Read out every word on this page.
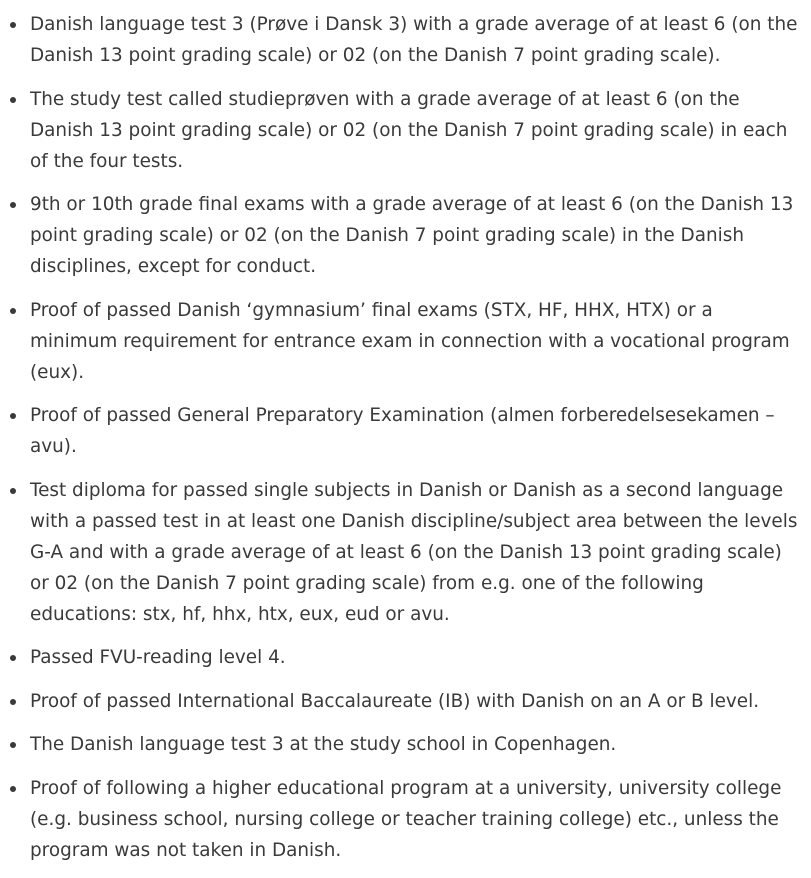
Danish language test 3 (Prøve i Dansk 3) with a grade average of at least 6 (on the Danish 13 point grading scale) or 02 (on the Danish 7 point grading scale).
The study test called studieprøven with a grade average of at least 6 (on the Danish 13 point grading scale) or 02 (on the Danish 7 point grading scale) in each of the four tests.
9th or 10th grade final exams with a grade average of at least 6 (on the Danish 13 point grading scale) or 02 (on the Danish 7 point grading scale) in the Danish disciplines, except for conduct.
Proof of passed Danish ‘gymnasium’ final exams (STX, HF, HHX, HTX) or a minimum requirement for entrance exam in connection with a vocational program (eux).
Proof of passed General Preparatory Examination (almen forberedelsesekamen – avu).
Test diploma for passed single subjects in Danish or Danish as a second language with a passed test in at least one Danish discipline/subject area between the levels G-A and with a grade average of at least 6 (on the Danish 13 point grading scale) or 02 (on the Danish 7 point grading scale) from e.g. one of the following educations: stx, hf, hhx, htx, eux, eud or avu.
Passed FVU-reading level 4.
Proof of passed International Baccalaureate (IB) with Danish on an A or B level.
The Danish language test 3 at the study school in Copenhagen.
Proof of following a higher educational program at a university, university college (e.g. business school, nursing college or teacher training college) etc., unless the program was not taken in Danish.
